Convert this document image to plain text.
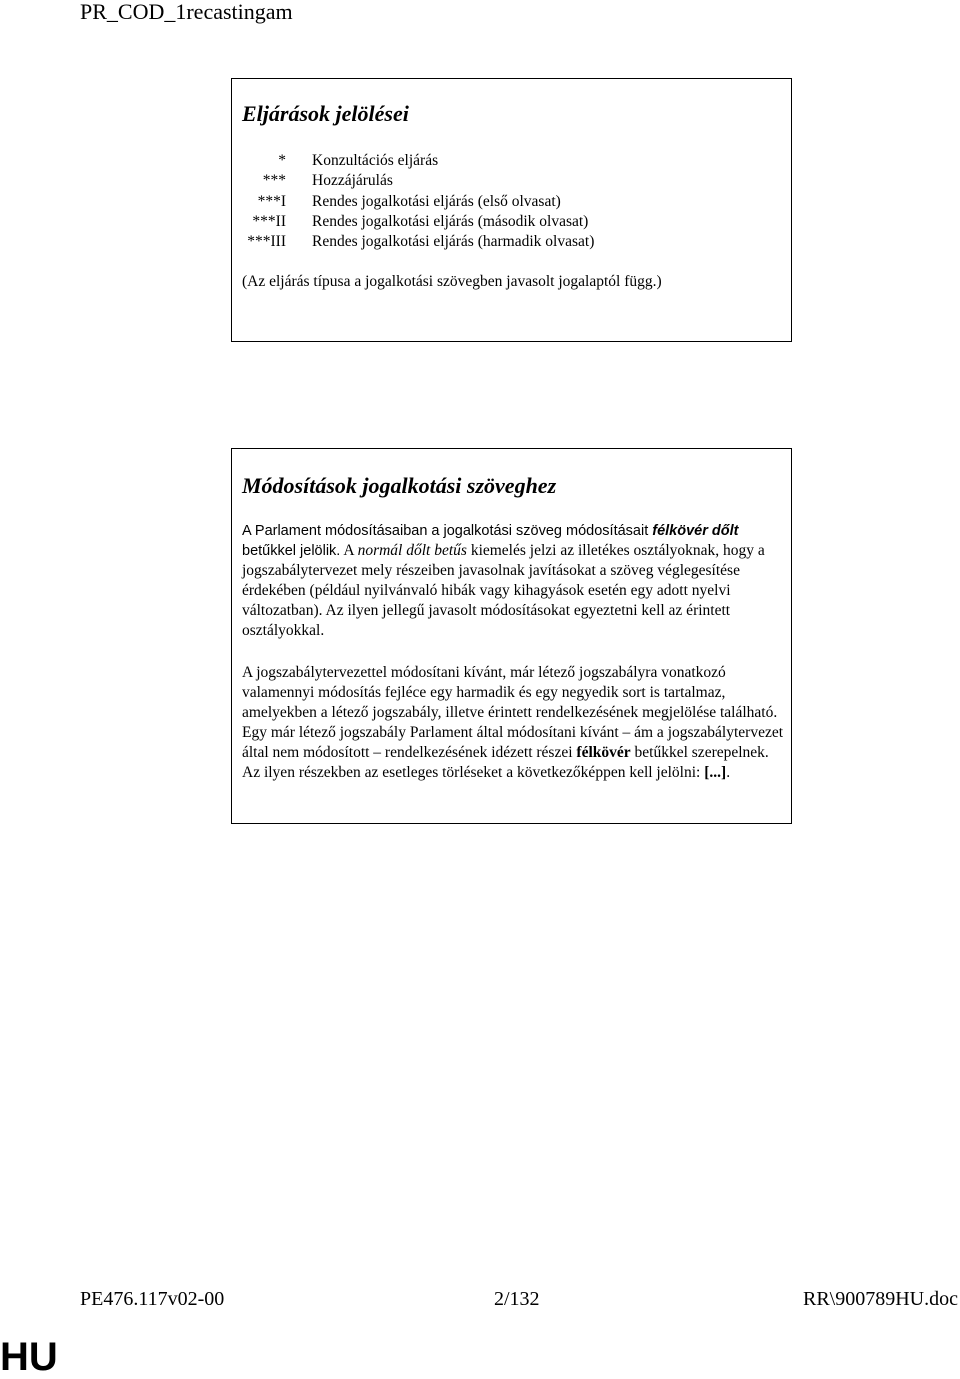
PR_COD_1recastingam
Eljárások jelölései
* Konzultációs eljárás
*** Hozzájárulás
***I Rendes jogalkotási eljárás (első olvasat)
***II Rendes jogalkotási eljárás (második olvasat)
***III Rendes jogalkotási eljárás (harmadik olvasat)
(Az eljárás típusa a jogalkotási szövegben javasolt jogalaptól függ.)
Módosítások jogalkotási szöveghez

A Parlament módosításaiban a jogalkotási szöveg módosításait félkövér dőlt betűkkel jelölik. A normál dőlt betűs kiemelés jelzi az illetékes osztályoknak, hogy a jogszabálytervezet mely részeiben javasolnak javításokat a szöveg véglegesítése érdekében (például nyilvánvaló hibák vagy kihagyások esetén egy adott nyelvi változatban). Az ilyen jellegű javasolt módosításokat egyeztetni kell az érintett osztályokkal.

A jogszabálytervezettel módosítani kívánt, már létező jogszabályra vonatkozó valamennyi módosítás fejléce egy harmadik és egy negyedik sort is tartalmaz, amelyekben a létező jogszabály, illetve érintett rendelkezésének megjelölése található. Egy már létező jogszabály Parlament által módosítani kívánt – ám a jogszabálytervezet által nem módosított – rendelkezésének idézett részei félkövér betűkkel szerepelnek. Az ilyen részekben az esetleges törléseket a következőképpen kell jelölni: [...].

PE476.117v02-00	2/132	RR\900789HU.doc
HU
